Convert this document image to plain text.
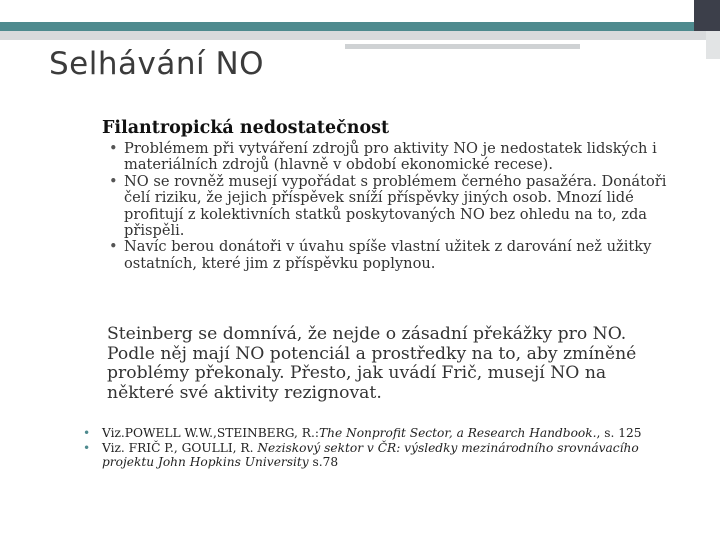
Selhávání NO
Filantropická nedostatečnost
• Problémem při vytváření zdrojů pro aktivity NO je nedostatek lidských i materiálních zdrojů (hlavně v období ekonomické recese).
• NO se rovněž musejí vypořádat s problémem černého pasažéra. Donátoři čelí riziku, že jejich příspěvek sníží příspěvky jiných osob. Mnozí lidé profitují z kolektivních statků poskytovaných NO bez ohledu na to, zda přispěli.
• Navíc berou donátoři v úvahu spíše vlastní užitek z darování než užitky ostatních, které jim z příspěvku poplynou.
Steinberg se domnívá, že nejde o zásadní překážky pro NO. Podle něj mají NO potenciál a prostředky na to, aby zmíněné problémy překonaly. Přesto, jak uvádí Frič, musejí NO na některé své aktivity rezignovat.
• Viz.POWELL W.W.,STEINBERG, R.:The Nonprofit Sector, a Research Handbook., s. 125
• Viz. FRIČ P., GOULLI, R. Neziskový sektor v ČR: výsledky mezinárodního srovnávacího projektu John Hopkins University s.78
